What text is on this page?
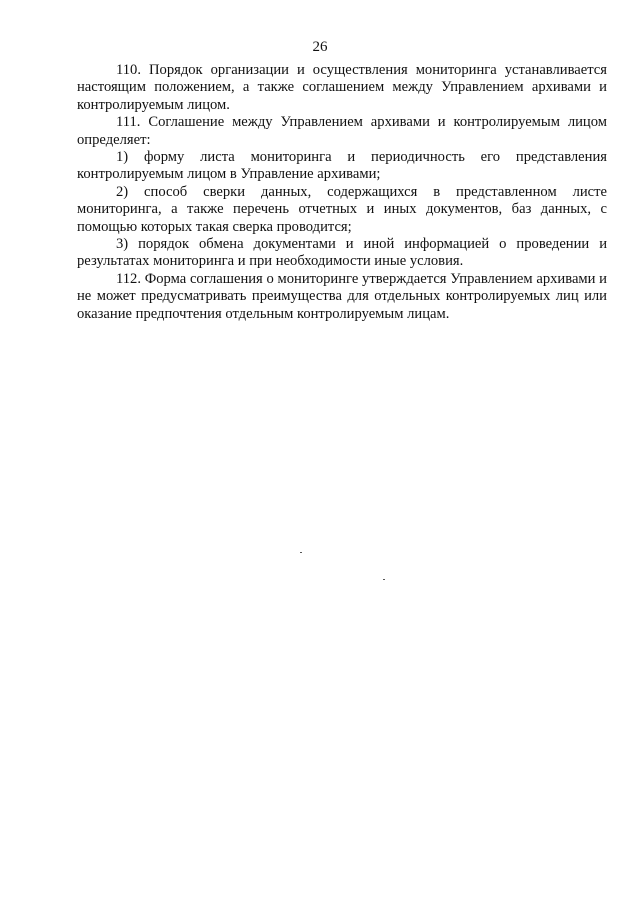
26

110. Порядок организации и осуществления мониторинга устанавливается настоящим положением, а также соглашением между Управлением архивами и контролируемым лицом.

111. Соглашение между Управлением архивами и контролируемым лицом определяет:

1) форму листа мониторинга и периодичность его представления контролируемым лицом в Управление архивами;

2) способ сверки данных, содержащихся в представленном листе мониторинга, а также перечень отчетных и иных документов, баз данных, с помощью которых такая сверка проводится;

3) порядок обмена документами и иной информацией о проведении и результатах мониторинга и при необходимости иные условия.

112. Форма соглашения о мониторинге утверждается Управлением архивами и не может предусматривать преимущества для отдельных контролируемых лиц или оказание предпочтения отдельным контролируемым лицам.
